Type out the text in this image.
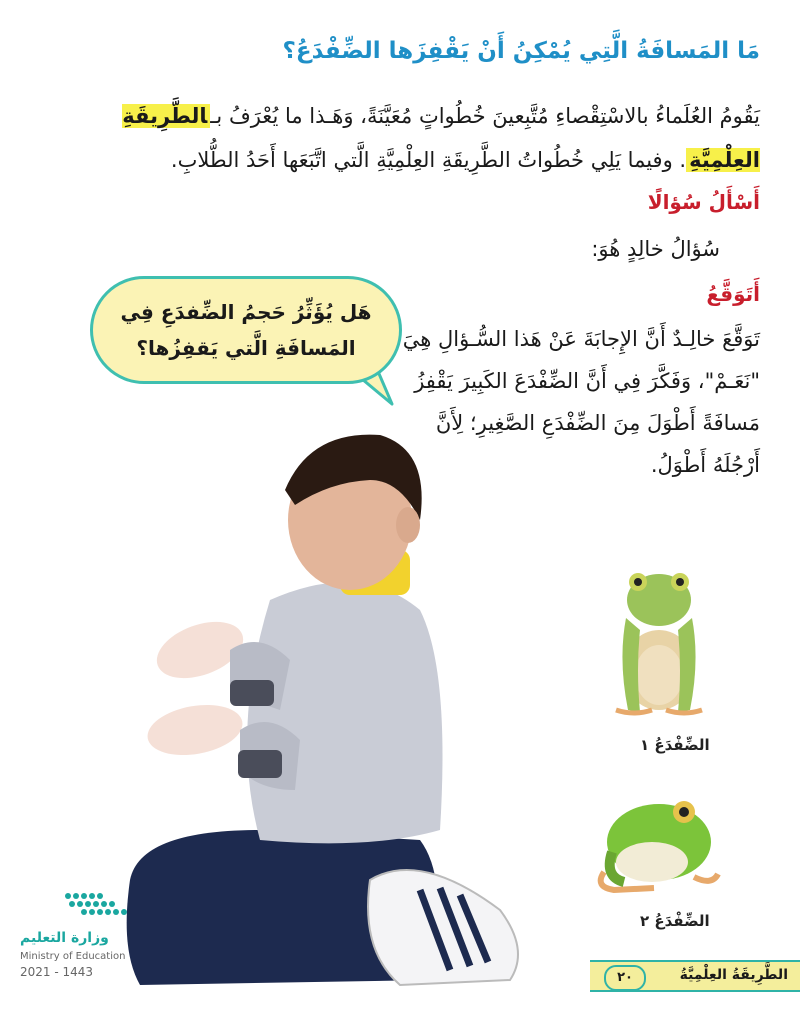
مَا المَسافَةُ الَّتِي يُمْكِنُ أَنْ يَقْفِزَها الضِّفْدَعُ؟
يَقُومُ العُلَماءُ بالاسْتِقْصاءِ مُتَّبِعينَ خُطُواتٍ مُعَيَّنَةً، وَهَـذا ما يُعْرَفُ بـالطَّرِيقَةِ العِلْمِيَّةِ. وفيما يَلِي خُطُواتُ الطَّرِيقَةِ العِلْمِيَّةِ الَّتي اتَّبَعَها أَحَدُ الطُّلابِ.
أَسْأَلُ سُؤالًا
سُؤالُ خالِدٍ هُوَ:
أَتَوَقَّعُ
تَوَقَّعَ خالِـدٌ أَنَّ الإِجابَةَ عَنْ هَذا السُّـؤالِ هِيَ "نَعَـمْ"، وَفَكَّرَ فِي أَنَّ الضِّفْدَعَ الكَبِيرَ يَقْفِزُ مَسافَةً أَطْوَلَ مِنَ الضِّفْدَعِ الصَّغِيرِ؛ لِأَنَّ أَرْجُلَهُ أَطْوَلُ.
هَل يُؤَثِّرُ حَجمُ الضِّفدَعِ فِي المَسافَةِ الَّتي يَقفِزُها؟
الضِّفْدَعُ ١
الضِّفْدَعُ ٢
وزارة التعليم
Ministry of Education
2021 - 1443	٢٠	الطَّرِيقَةُ العِلْمِيَّةُ
